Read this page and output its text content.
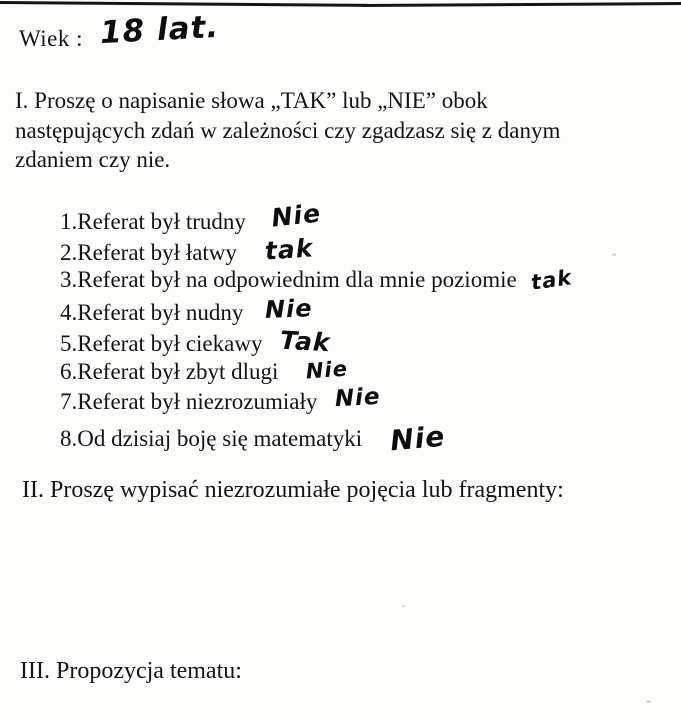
Wiek : 18 lat.
I. Proszę o napisanie słowa „TAK” lub „NIE” obok
następujących zdań w zależności czy zgadzasz się z danym
zdaniem czy nie.
1.Referat był trudny Nie
2.Referat był łatwy tak
3.Referat był na odpowiednim dla mnie poziomie tak
4.Referat był nudny Nie
5.Referat był ciekawy Tak
6.Referat był zbyt dlugi Nie
7.Referat był niezrozumiały Nie
8.Od dzisiaj boję się matematyki Nie
II. Proszę wypisać niezrozumiałe pojęcia lub fragmenty:
III. Propozycja tematu:
